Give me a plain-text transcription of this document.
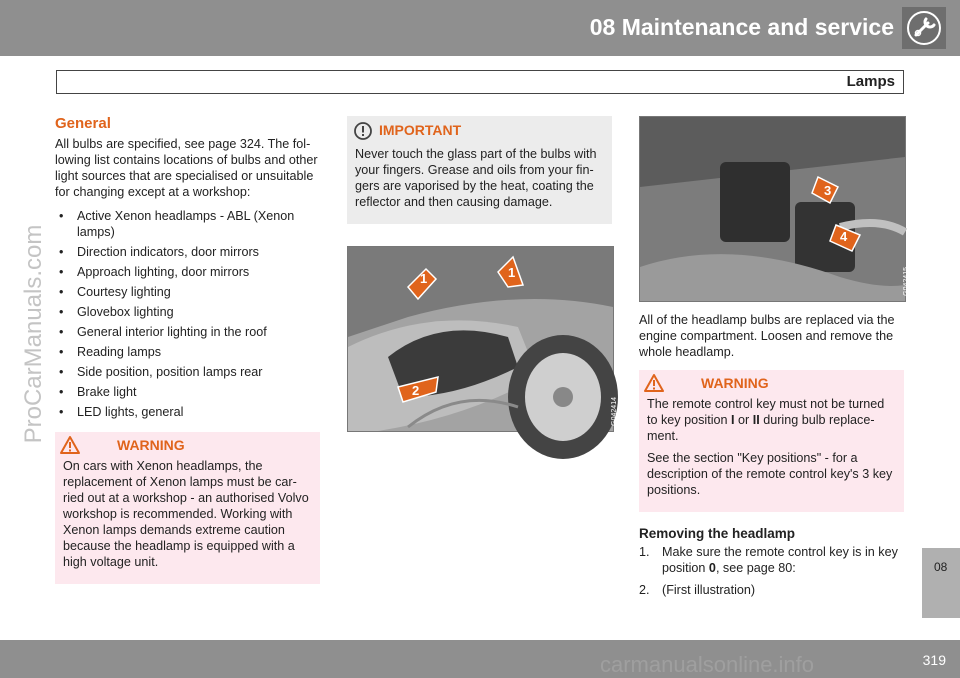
08 Maintenance and service
Lamps
General

All bulbs are specified, see page 324. The fol-lowing list contains locations of bulbs and other light sources that are specialised or unsuitable for changing except at a workshop:

• Active Xenon headlamps - ABL (Xenon lamps)
• Direction indicators, door mirrors
• Approach lighting, door mirrors
• Courtesy lighting
• Glovebox lighting
• General interior lighting in the roof
• Reading lamps
• Side position, position lamps rear
• Brake light
• LED lights, general
WARNING

On cars with Xenon headlamps, the replacement of Xenon lamps must be car-ried out at a workshop - an authorised Volvo workshop is recommended. Working with Xenon lamps demands extreme caution because the headlamp is equipped with a high voltage unit.

IMPORTANT

Never touch the glass part of the bulbs with your fingers. Grease and oils from your fin-gers are vaporised by the heat, coating the reflector and then causing damage.

1	1
2
G042414
3
4
G042415

All of the headlamp bulbs are replaced via the engine compartment. Loosen and remove the whole headlamp.

WARNING

The remote control key must not be turned to key position I or II during bulb replace-ment.

See the section "Key positions" - for a description of the remote control key's 3 key positions.

Removing the headlamp
1. Make sure the remote control key is in key position 0, see page 80:
2. (First illustration)
08
319
ProCarManuals.com
carmanualsonline.info
